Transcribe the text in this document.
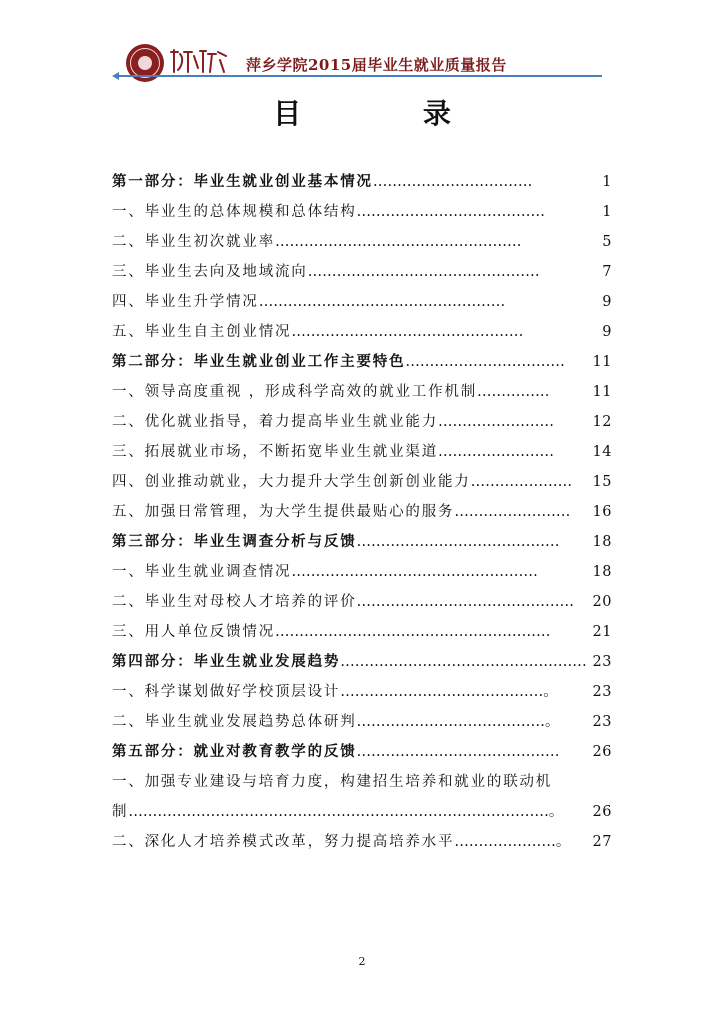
萍乡学院2015届毕业生就业质量报告
目 录
第一部分：毕业生就业创业基本情况 ……………………………	1
一、毕业生的总体规模和总体结构 …………………………………	1
二、毕业生初次就业率 ……………………………………………	5
三、毕业生去向及地域流向 …………………………………………	7
四、毕业生升学情况 ……………………………………………	9
五、毕业生自主创业情况 …………………………………………	9
第二部分：毕业生就业创业工作主要特色 ……………………………	11
一、领导高度重视 ，形成科学高效的就业工作机制 ……………	11
二、优化就业指导，着力提高毕业生就业能力 ……………………	12
三、拓展就业市场，不断拓宽毕业生就业渠道 ……………………	14
四、创业推动就业，大力提升大学生创新创业能力 …………………	15
五、加强日常管理，为大学生提供最贴心的服务 ……………………	16
第三部分：毕业生调查分析与反馈 ……………………………………	18
一、毕业生就业调查情况 ……………………………………………	18
二、毕业生对母校人才培养的评价 ………………………………………	20
三、用人单位反馈情况 …………………………………………………	21
第四部分：毕业生就业发展趋势 …………………………………………… 23
一、科学谋划做好学校顶层设计 ……………………………………。	23
二、毕业生就业发展趋势总体研判 …………………………………。	23
第五部分：就业对教育教学的反馈 ……………………………………	26
一、加强专业建设与培育力度，构建招生培养和就业的联动机
制 ……………………………………………………………………………。	26
二、深化人才培养模式改革，努力提高培养水平 …………………。	27
2
